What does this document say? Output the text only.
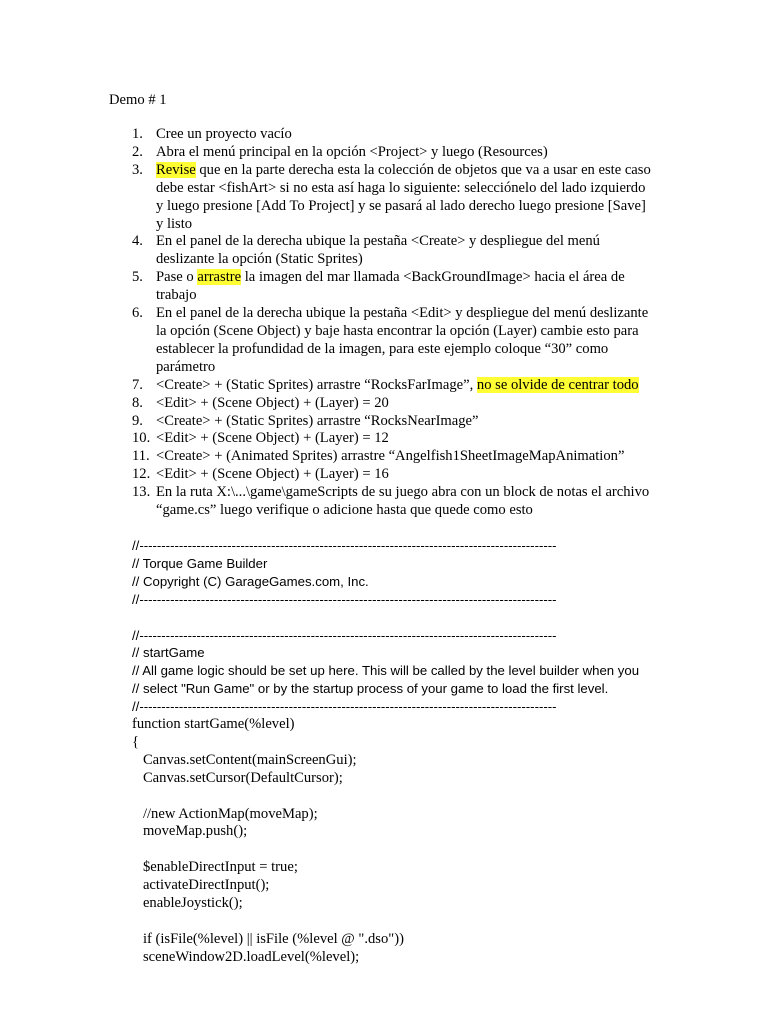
Demo # 1
1. Cree un proyecto vacío
2. Abra el menú principal en la opción <Project> y luego (Resources)
3. Revise que en la parte derecha esta la colección de objetos que va a usar en este caso debe estar <fishArt> si no esta así haga lo siguiente: selecciónelo del lado izquierdo y luego presione [Add To Project] y se pasará al lado derecho luego presione [Save] y listo
4. En el panel de la derecha ubique la pestaña <Create> y despliegue del menú deslizante la opción (Static Sprites)
5. Pase o arrastre la imagen del mar llamada <BackGroundImage> hacia el área de trabajo
6. En el panel de la derecha ubique la pestaña <Edit> y despliegue del menú deslizante la opción (Scene Object) y baje hasta encontrar la opción (Layer) cambie esto para establecer la profundidad de la imagen, para este ejemplo coloque “30” como parámetro
7. <Create> + (Static Sprites) arrastre “RocksFarImage”, no se olvide de centrar todo
8. <Edit> + (Scene Object) + (Layer) = 20
9. <Create> + (Static Sprites) arrastre “RocksNearImage”
10. <Edit> + (Scene Object) + (Layer) = 12
11. <Create> + (Animated Sprites) arrastre “Angelfish1SheetImageMapAnimation”
12. <Edit> + (Scene Object) + (Layer) = 16
13. En la ruta X:\...\game\gameScripts de su juego abra con un block de notas el archivo “game.cs” luego verifique o adicione hasta que quede como esto
//-----------------------------------------------------------------------------------------------
// Torque Game Builder
// Copyright (C) GarageGames.com, Inc.
//-----------------------------------------------------------------------------------------------
//-----------------------------------------------------------------------------------------------
// startGame
// All game logic should be set up here. This will be called by the level builder when you
// select "Run Game" or by the startup process of your game to load the first level.
//-----------------------------------------------------------------------------------------------
function startGame(%level)
{
Canvas.setContent(mainScreenGui);
Canvas.setCursor(DefaultCursor);
//new ActionMap(moveMap);
moveMap.push();
$enableDirectInput = true;
activateDirectInput();
enableJoystick();
if (isFile(%level) || isFile (%level @ ".dso"))
sceneWindow2D.loadLevel(%level);
